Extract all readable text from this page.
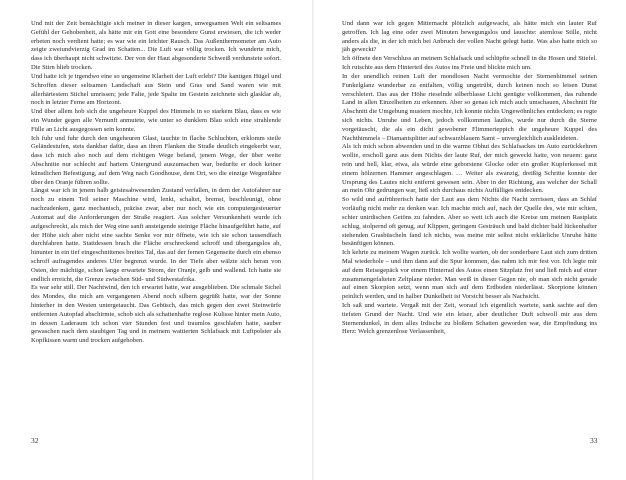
Und mit der Zeit bemächtigte sich meiner in dieser kargen, unwegsamen Welt ein seltsames Gefühl der Gehobenheit, als hätte mir ein Gott eine besondere Gunst erwiesen, die ich weder erbeten noch verdient hatte; es war wie ein leichter Rausch. Das Außenthermometer am Auto zeigte zweiundvierzig Grad im Schatten... Die Luft war völlig trocken. Ich wunderte mich, dass ich überhaupt nicht schwitzte. Der von der Haut abgesonderte Schweiß verdunstete sofort. Die Stirn blieb trocken.

Und hatte ich je irgendwo eine so ungemeine Klarheit der Luft erlebt? Die kantigen Hügel und Schroffen dieser seltsamen Landschaft aus Stein und Gras und Sand waren wie mit allerhärtestem Stichel umrissen; jede Falte, jede Spalte im Gestein zeichnete sich glasklar ab, noch in letzter Ferne am Horizont.

Und über allem hob sich die ungeheure Kuppel des Himmels in so starkem Blau, dass es wie ein Wunder gegen alle Vernunft anmutete, wie unter so dunklem Blau solch eine strahlende Fülle an Licht ausgegossen sein konnte.

Ich fuhr und fuhr durch den ungeheuren Glast, tauchte in flache Schluchten, erklomm steile Geländestufen, stets dankbar dafür, dass an ihren Flanken die Straße deutlich eingekerbt war, dass ich mich also noch auf dem richtigen Wege befand, jenem Wege, der über weite Abschnitte nur schlecht auf hartem Untergrund auszumachen war, bedurfte er doch keiner künstlichen Befestigung, auf dem Weg nach Goodhouse, dem Ort, wo die einzige Wegenfähre über den Oranje führen sollte.

Längst war ich in jenem halb geistesabwesenden Zustand verfallen, in dem der Autofahrer nur noch zu einem Teil seiner Maschine wird, lenkt, schaltet, bremst, beschleunigt, ohne nachzudenken, ganz mechanisch, präzise zwar, aber nur noch wie ein computergesteuerter Automat auf die Anforderungen der Straße reagiert. Aus solcher Versunkenheit wurde ich aufgeschreckt, als mich der Weg eine sanft ansteigende steinige Fläche hinaufgeführt hatte, auf der Höhe sich aber nicht eine sachte Senke vor mir öffnete, wie ich sie schon tausendfach durchfahren hatte. Stattdessen brach die Fläche erschreckend schroff und übergangslos ab, hinunter in ein tief eingeschnittenes breites Tal, das auf der fernen Gegenseite durch ein ebenso schroff aufragendes anderes Ufer begrenzt wurde. In der Tiefe aber wälzte sich heran von Osten, der mächtige, schon lange erwartete Strom, der Oranje, gelb und wallend. Ich hatte sie endlich erreicht, die Grenze zwischen Süd- und Südwestafrika.

Es war sehr still. Der Nachtwind, den ich erwartet hatte, war ausgeblieben. Die schmale Sichel des Mondes, die mich am vergangenen Abend noch silbern gegrüßt hatte, war der Sonne hinterher in den Westen untergetaucht. Das Gebüsch, das mich gegen den zwei Steinwürfe entfernten Autopfad abschirmte, schob sich als schattenhafte reglose Kulisse hinter mein Auto, in dessen Laderaum ich schon vier Stunden fest und traumlos geschlafen hatte, sauber gewaschen nach dem staubigen Tag und in meinem wattierten Schlafsack mit Luftpolster als Kopfkissen warm und trocken aufgehoben.

32

Und dann war ich gegen Mitternacht plötzlich aufgewacht, als hätte mich ein lauter Ruf getroffen. Ich lag eine oder zwei Minuten bewegungslos und lauschte: atemlose Stille, nicht anders als die, in der ich mich bei Anbruch der vollen Nacht gelegt hatte. Was also hatte mich so jäh geweckt?

Ich öffnete den Verschluss an meinem Schlafsack und schlüpfte schnell in die Hosen und Stiefel. Ich rutschte aus dem Hinterteil des Autos ins Freie und blickte mich um.

In der unendlich reinen Luft der mondlosen Nacht vermochte der Sternenhimmel seinen Funkelglanz wunderbar zu entfalten, völlig ungetrübt, durch keinen noch so leisen Dunst verschleiert. Das aus der Höhe rieselnde silberblasse Licht genügte vollkommen, das ruhende Land in allen Einzelheiten zu erkennen. Aber so genau ich mich auch umschauen, Abschnitt für Abschnitt die Umgebung mustern mochte, ich konnte nichts Ungewöhnliches entdecken; es regte sich nichts. Unruhe und Leben, jedoch vollkommen lautlos, wurde nur durch die Sterne vorgetäuscht, die als ein dicht gewobener Flimmerteppich die ungeheure Kuppel des Nachthimmels – Diamantsplitter auf schwarzblauem Samt – unvergleichlich auskleideten.

Als ich mich schon abwenden und in die warme Obhut des Schlafsackes im Auto zurückkehren wollte, erscholl ganz aus dem Nichts der laute Ruf, der mich geweckt hatte, von neuem: ganz rein und hell, klar, etwa, als würde eine geborstene Glocke oder ein großer Kupferkessel mit einem hölzernen Hammer angeschlagen. … Weiter als zwanzig, dreißig Schritte konnte der Ursprung des Lautes nicht entfernt gewesen sein. Aber in der Richtung, aus welcher der Schall an mein Ohr gedrungen war, ließ sich durchaus nichts Auffälliges entdecken.

So wild und aufrührerisch hatte der Laut aus dem Nichts die Nacht zerrissen, dass an Schlaf vorläufig nicht mehr zu denken war. Ich machte mich auf, nach der Quelle des, wie mir schien, schier unirdischen Getöns zu fahnden. Aber so weit ich auch die Kreise um meinen Rastplatz schlug, stolpernd oft genug, auf Klippen, geringem Gesträuch und bald dichter bald lückenhafter stehenden Grasbüscheln fand ich nichts, was meine mir selbst nicht erklärliche Unruhe hätte besänftigen können.

Ich kehrte zu meinem Wagen zurück. Ich wollte warten, ob der sonderbare Laut sich zum dritten Mal wiederhole – und ihm dann auf die Spur kommen, das nahm ich mir fest vor. Ich legte mir auf dem Reisegepäck vor einem Hinterrad des Autos einen Sitzplatz frei und ließ mich auf einer zusammengefalteten Zeltplane nieder. Man weiß in dieser Gegen nie, ob man sich nicht gerade auf einen Skorpion setzt, wenn man sich auf dem Erdboden niederlässt. Skorpione können peinlich werden, und in halber Dunkelheit ist Vorsicht besser als Nachsicht.

Ich saß und wartete. Vergaß mit der Zeit, worauf ich eigentlich wartete, sank sachte auf den tiefsten Grund der Nacht. Und wie ein leiser, aber deutlicher Duft schwoll mir aus dem Sternendunkel, in dem alles Irdische zu bloßem Schatten geworden war, die Empfindung ins Herz: Welch grenzenlose Verlassenheit,

33
